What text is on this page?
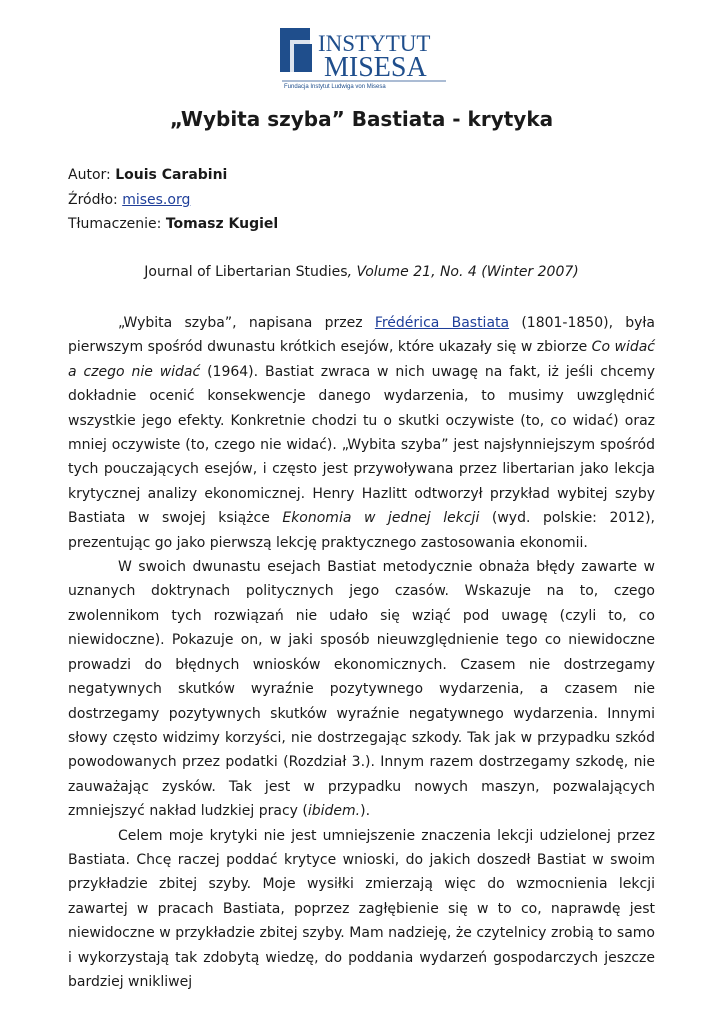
INSTYTUT
MISESA
Fundacja Instytut Ludwiga von Misesa
„Wybita szyba” Bastiata - krytyka
Autor: Louis Carabini
Źródło: mises.org
Tłumaczenie: Tomasz Kugiel
Journal of Libertarian Studies, Volume 21, No. 4 (Winter 2007)

„Wybita szyba”, napisana przez Frédérica Bastiata (1801-1850), była pierwszym spośród dwunastu krótkich esejów, które ukazały się w zbiorze Co widać a czego nie widać (1964). Bastiat zwraca w nich uwagę na fakt, iż jeśli chcemy dokładnie ocenić konsekwencje danego wydarzenia, to musimy uwzględnić wszystkie jego efekty. Konkretnie chodzi tu o skutki oczywiste (to, co widać) oraz mniej oczywiste (to, czego nie widać). „Wybita szyba” jest najsłynniejszym spośród tych pouczających esejów, i często jest przywoływana przez libertarian jako lekcja krytycznej analizy ekonomicznej. Henry Hazlitt odtworzył przykład wybitej szyby Bastiata w swojej książce Ekonomia w jednej lekcji (wyd. polskie: 2012), prezentując go jako pierwszą lekcję praktycznego zastosowania ekonomii.

W swoich dwunastu esejach Bastiat metodycznie obnaża błędy zawarte w uznanych doktrynach politycznych jego czasów. Wskazuje na to, czego zwolennikom tych rozwiązań nie udało się wziąć pod uwagę (czyli to, co niewidoczne). Pokazuje on, w jaki sposób nieuwzględnienie tego co niewidoczne prowadzi do błędnych wniosków ekonomicznych. Czasem nie dostrzegamy negatywnych skutków wyraźnie pozytywnego wydarzenia, a czasem nie dostrzegamy pozytywnych skutków wyraźnie negatywnego wydarzenia. Innymi słowy często widzimy korzyści, nie dostrzegając szkody. Tak jak w przypadku szkód powodowanych przez podatki (Rozdział 3.). Innym razem dostrzegamy szkodę, nie zauważając zysków. Tak jest w przypadku nowych maszyn, pozwalających zmniejszyć nakład ludzkiej pracy (ibidem.).

Celem moje krytyki nie jest umniejszenie znaczenia lekcji udzielonej przez Bastiata. Chcę raczej poddać krytyce wnioski, do jakich doszedł Bastiat w swoim przykładzie zbitej szyby. Moje wysiłki zmierzają więc do wzmocnienia lekcji zawartej w pracach Bastiata, poprzez zagłębienie się w to co, naprawdę jest niewidoczne w przykładzie zbitej szyby. Mam nadzieję, że czytelnicy zrobią to samo i wykorzystają tak zdobytą wiedzę, do poddania wydarzeń gospodarczych jeszcze bardziej wnikliwej
